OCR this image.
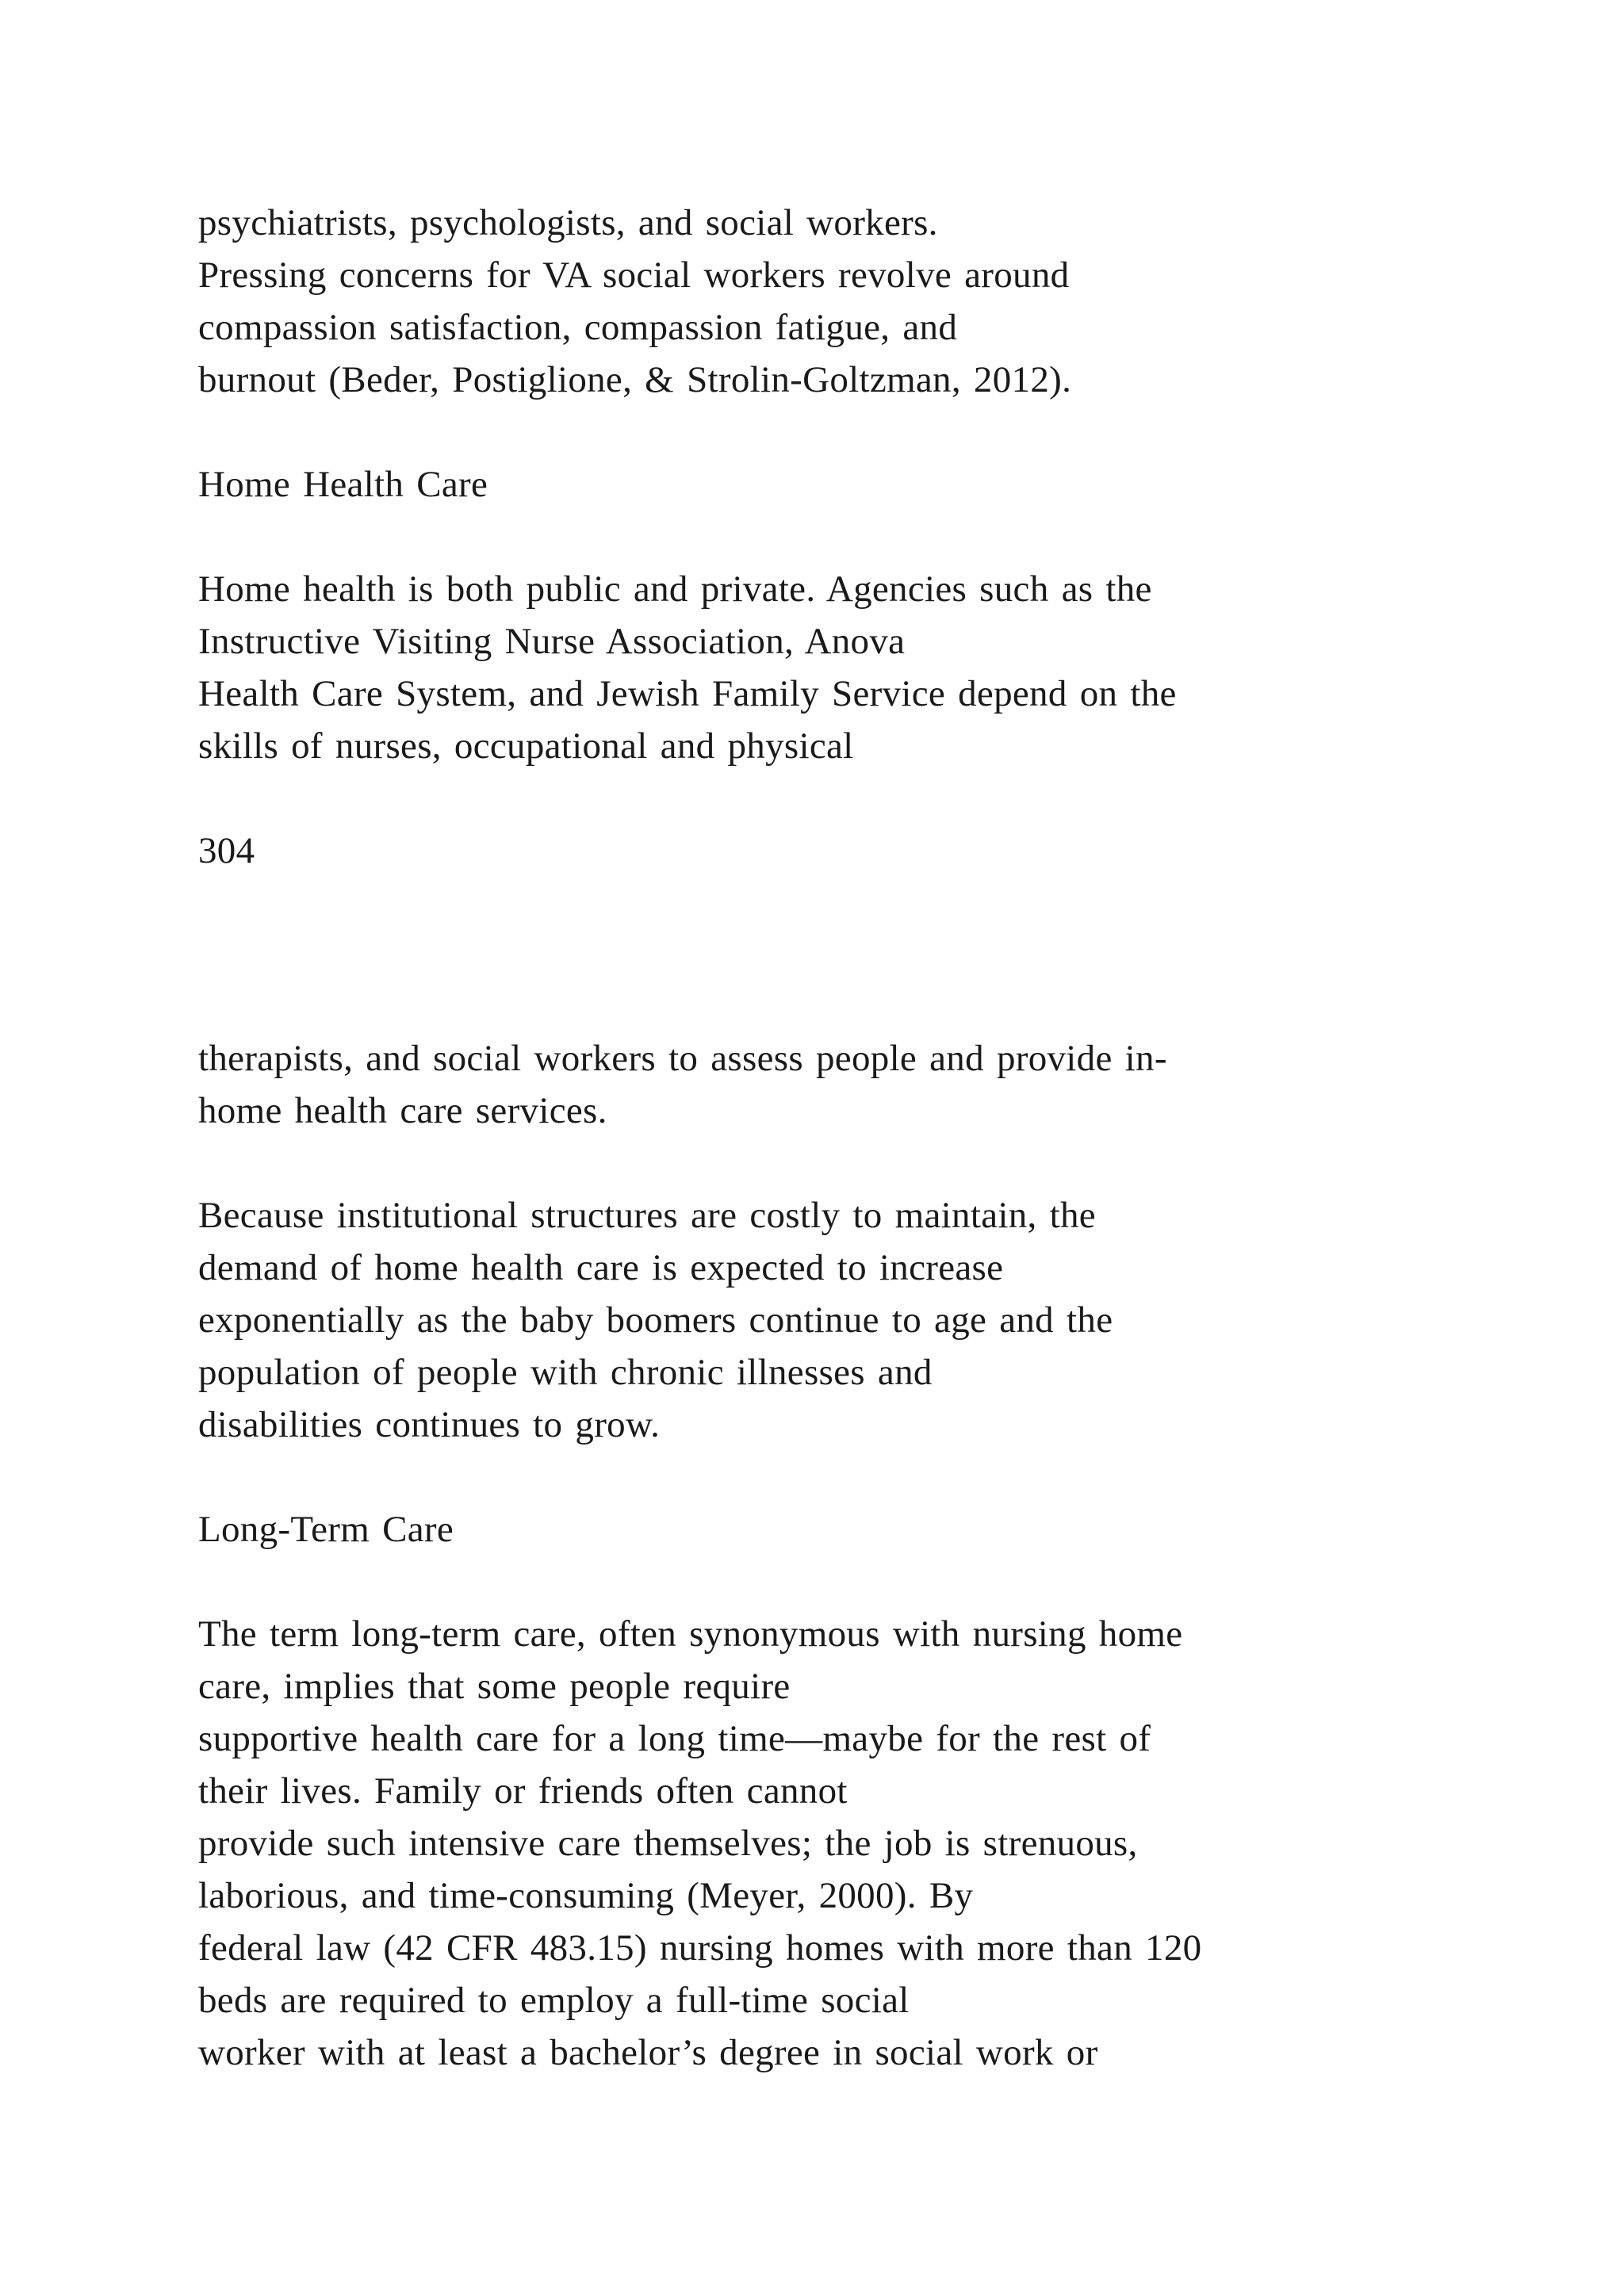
psychiatrists, psychologists, and social workers.
Pressing concerns for VA social workers revolve around
compassion satisfaction, compassion fatigue, and
burnout (Beder, Postiglione, & Strolin-Goltzman, 2012).
Home Health Care
Home health is both public and private. Agencies such as the
Instructive Visiting Nurse Association, Anova
Health Care System, and Jewish Family Service depend on the
skills of nurses, occupational and physical
304
therapists, and social workers to assess people and provide in-
home health care services.
Because institutional structures are costly to maintain, the
demand of home health care is expected to increase
exponentially as the baby boomers continue to age and the
population of people with chronic illnesses and
disabilities continues to grow.
Long-Term Care
The term long-term care, often synonymous with nursing home
care, implies that some people require
supportive health care for a long time—maybe for the rest of
their lives. Family or friends often cannot
provide such intensive care themselves; the job is strenuous,
laborious, and time-consuming (Meyer, 2000). By
federal law (42 CFR 483.15) nursing homes with more than 120
beds are required to employ a full-time social
worker with at least a bachelor’s degree in social work or
